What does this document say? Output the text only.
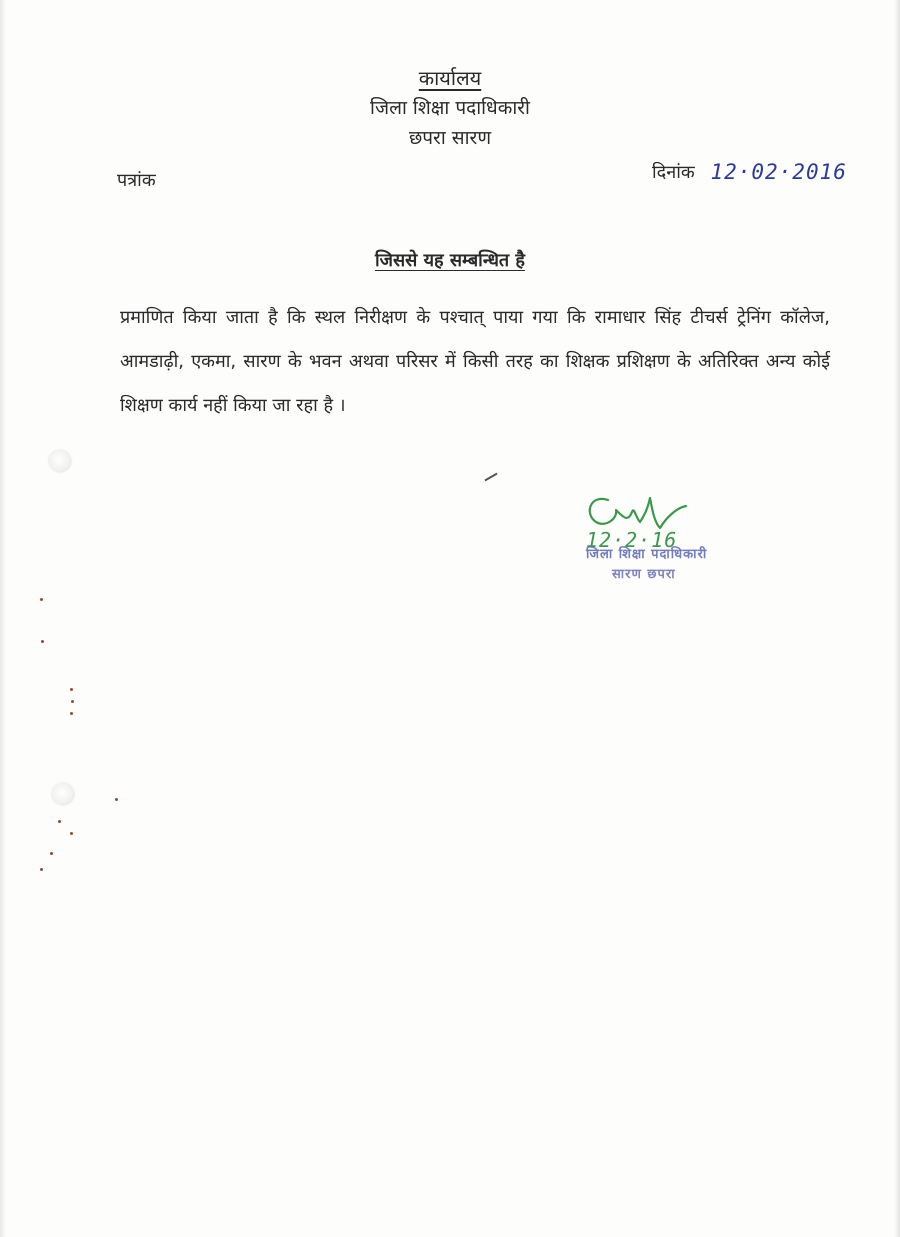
कार्यालय
जिला शिक्षा पदाधिकारी
छपरा सारण
पत्रांक	दिनांक 12·02·2016
जिससे यह सम्बन्धित है
प्रमाणित किया जाता है कि स्थल निरीक्षण के पश्चात् पाया गया कि रामाधार सिंह टीचर्स ट्रेनिंग कॉलेज, आमडाढ़ी, एकमा, सारण के भवन अथवा परिसर में किसी तरह का शिक्षक प्रशिक्षण के अतिरिक्त अन्य कोई शिक्षण कार्य नहीं किया जा रहा है ।
12·2·16
जिला शिक्षा पदाधिकारी
सारण छपरा
